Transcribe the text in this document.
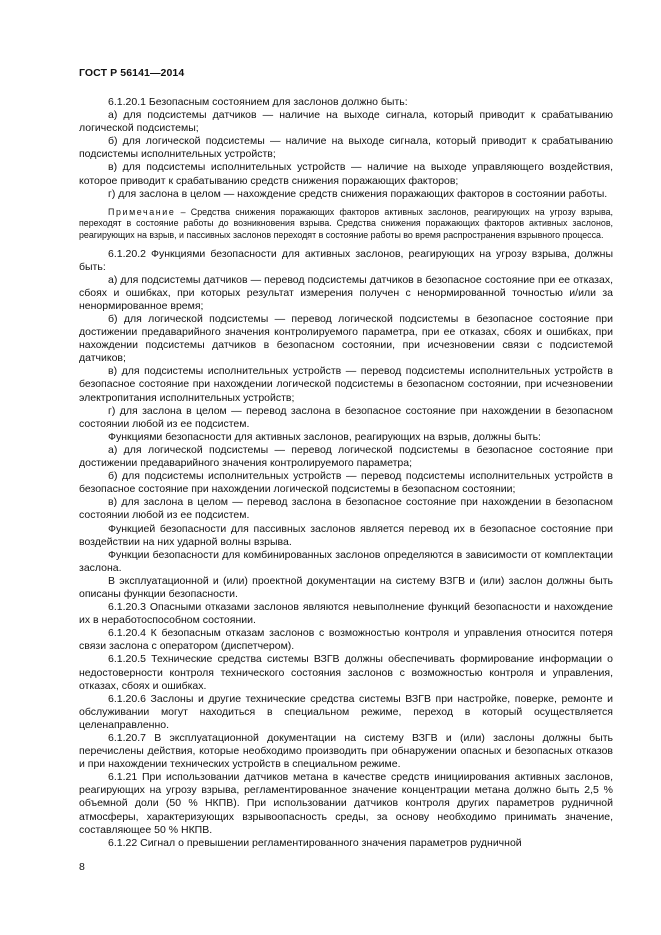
ГОСТ Р 56141—2014

6.1.20.1 Безопасным состоянием для заслонов должно быть:

а) для подсистемы датчиков — наличие на выходе сигнала, который приводит к срабатыванию логической подсистемы;

б) для логической подсистемы — наличие на выходе сигнала, который приводит к срабатыванию подсистемы исполнительных устройств;

в) для подсистемы исполнительных устройств — наличие на выходе управляющего воздействия, которое приводит к срабатыванию средств снижения поражающих факторов;

г) для заслона в целом — нахождение средств снижения поражающих факторов в состоянии работы.

Примечание – Средства снижения поражающих факторов активных заслонов, реагирующих на угрозу взрыва, переходят в состояние работы до возникновения взрыва. Средства снижения поражающих факторов активных заслонов, реагирующих на взрыв, и пассивных заслонов переходят в состояние работы во время распространения взрывного процесса.

6.1.20.2 Функциями безопасности для активных заслонов, реагирующих на угрозу взрыва, должны быть:

а) для подсистемы датчиков — перевод подсистемы датчиков в безопасное состояние при ее отказах, сбоях и ошибках, при которых результат измерения получен с ненормированной точностью и/или за ненормированное время;

б) для логической подсистемы — перевод логической подсистемы в безопасное состояние при достижении предаварийного значения контролируемого параметра, при ее отказах, сбоях и ошибках, при нахождении подсистемы датчиков в безопасном состоянии, при исчезновении связи с подсистемой датчиков;

в) для подсистемы исполнительных устройств — перевод подсистемы исполнительных устройств в безопасное состояние при нахождении логической подсистемы в безопасном состоянии, при исчезновении электропитания исполнительных устройств;

г) для заслона в целом — перевод заслона в безопасное состояние при нахождении в безопасном состоянии любой из ее подсистем.

Функциями безопасности для активных заслонов, реагирующих на взрыв, должны быть:

а) для логической подсистемы — перевод логической подсистемы в безопасное состояние при достижении предаварийного значения контролируемого параметра;

б) для подсистемы исполнительных устройств — перевод подсистемы исполнительных устройств в безопасное состояние при нахождении логической подсистемы в безопасном состоянии;

в) для заслона в целом — перевод заслона в безопасное состояние при нахождении в безопасном состоянии любой из ее подсистем.

Функцией безопасности для пассивных заслонов является перевод их в безопасное состояние при воздействии на них ударной волны взрыва.

Функции безопасности для комбинированных заслонов определяются в зависимости от комплектации заслона.

В эксплуатационной и (или) проектной документации на систему ВЗГВ и (или) заслон должны быть описаны функции безопасности.

6.1.20.3 Опасными отказами заслонов являются невыполнение функций безопасности и нахождение их в неработоспособном состоянии.

6.1.20.4 К безопасным отказам заслонов с возможностью контроля и управления относится потеря связи заслона с оператором (диспетчером).

6.1.20.5 Технические средства системы ВЗГВ должны обеспечивать формирование информации о недостоверности контроля технического состояния заслонов с возможностью контроля и управления, отказах, сбоях и ошибках.

6.1.20.6 Заслоны и другие технические средства системы ВЗГВ при настройке, поверке, ремонте и обслуживании могут находиться в специальном режиме, переход в который осуществляется целенаправленно.

6.1.20.7 В эксплуатационной документации на систему ВЗГВ и (или) заслоны должны быть перечислены действия, которые необходимо производить при обнаружении опасных и безопасных отказов и при нахождении технических устройств в специальном режиме.

6.1.21 При использовании датчиков метана в качестве средств инициирования активных заслонов, реагирующих на угрозу взрыва, регламентированное значение концентрации метана должно быть 2,5 % объемной доли (50 % НКПВ). При использовании датчиков контроля других параметров рудничной атмосферы, характеризующих взрывоопасность среды, за основу необходимо принимать значение, составляющее 50 % НКПВ.

6.1.22 Сигнал о превышении регламентированного значения параметров рудничной

8
